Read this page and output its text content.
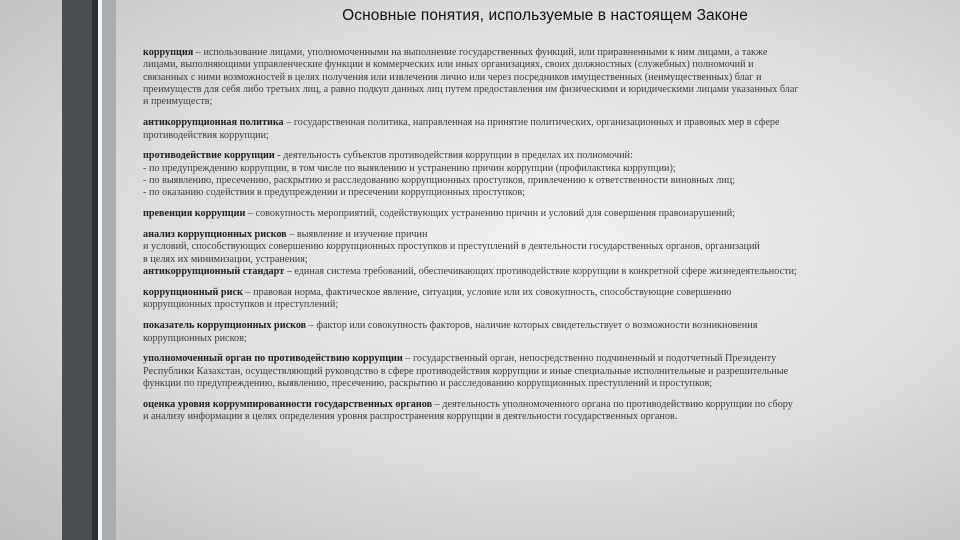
Основные понятия, используемые в настоящем Законе
коррупция – использование лицами, уполномоченными на выполнение государственных функций, или приравненными к ним лицами, а также
лицами, выполняющими управленческие функции в коммерческих или иных организациях, своих должностных (служебных) полномочий и
связанных с ними возможностей в целях получения или извлечения лично или через посредников имущественных (неимущественных) благ и
преимуществ для себя либо третьих лиц, а равно подкуп данных лиц путем предоставления им физическими и юридическими лицами указанных благ
и преимуществ;
антикоррупционная политика – государственная политика, направленная на принятие политических, организационных и правовых мер в сфере
противодействия коррупции;
противодействие коррупции - деятельность субъектов противодействия коррупции в пределах их полномочий:
- по предупреждению коррупции, в том числе по выявлению и устранению причин коррупции (профилактика коррупции);
- по выявлению, пресечению, раскрытию и расследованию коррупционных проступков, привлечению к ответственности виновных лиц;
- по оказанию содействия в предупреждении и пресечении коррупционных проступков;
превенция коррупции – совокупность мероприятий, содействующих устранению причин и условий для совершения правонарушений;
анализ коррупционных рисков – выявление и изучение причин
и условий, способствующих совершению коррупционных проступков и преступлений в деятельности государственных органов, организаций
в целях их минимизации, устранения;
антикоррупционный стандарт – единая система требований, обеспечивающих противодействие коррупции в конкретной сфере жизнедеятельности;
коррупционный риск – правовая норма, фактическое явление, ситуация, условие или их совокупность, способствующие совершению
коррупционных проступков и преступлений;
показатель коррупционных рисков – фактор или совокупность факторов, наличие которых свидетельствует о возможности возникновения
коррупционных рисков;
уполномоченный орган по противодействию коррупции – государственный орган, непосредственно подчиненный и подотчетный Президенту
Республики Казахстан, осуществляющий руководство в сфере противодействия коррупции и иные специальные исполнительные и разрешительные
функции по предупреждению, выявлению, пресечению, раскрытию и расследованию коррупционных преступлений и проступков;
оценка уровня коррумпированности государственных органов – деятельность уполномоченного органа по противодействию коррупции по сбору
и анализу информации в целях определения уровня распространения коррупции в деятельности государственных органов.
